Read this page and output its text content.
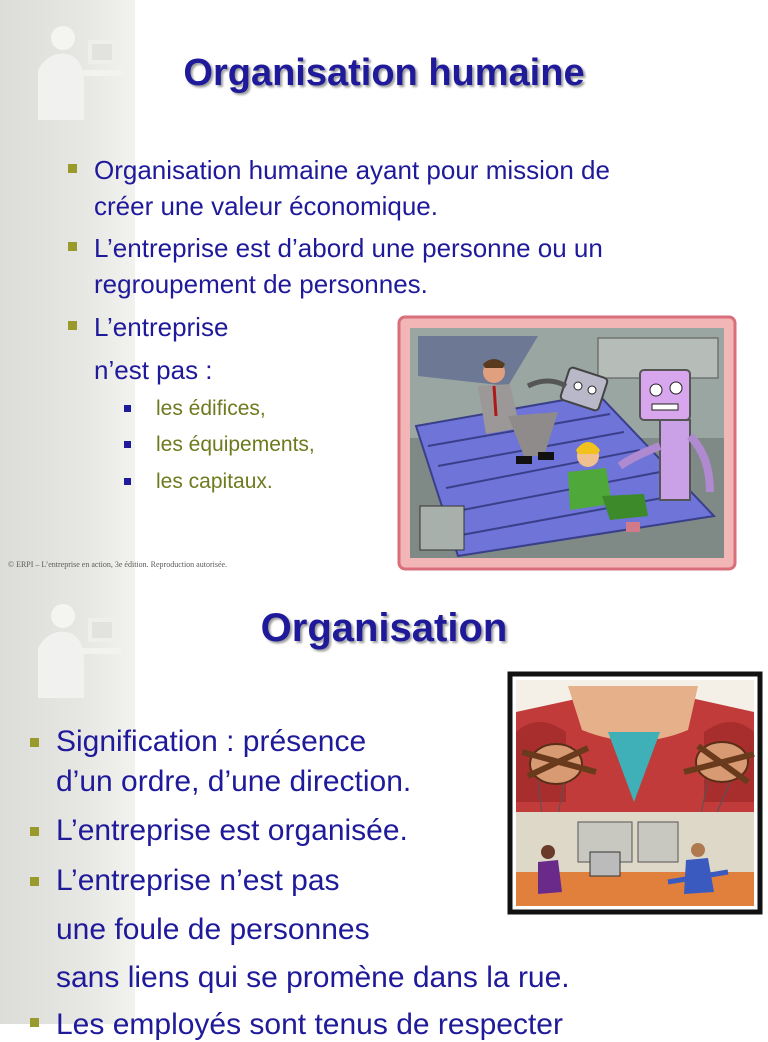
Organisation humaine
Organisation humaine ayant pour mission de
créer une valeur économique.
L’entreprise est d’abord une personne ou un
regroupement de personnes.
L’entreprise
n’est pas :
les édifices,
les équipements,
les capitaux.
© ERPI – L’entreprise en action, 3e édition. Reproduction autorisée.
Organisation
Signification : présence
d’un ordre, d’une direction.
L’entreprise est organisée.
L’entreprise n’est pas
une foule de personnes
sans liens qui se promène dans la rue.
Les employés sont tenus de respecter
